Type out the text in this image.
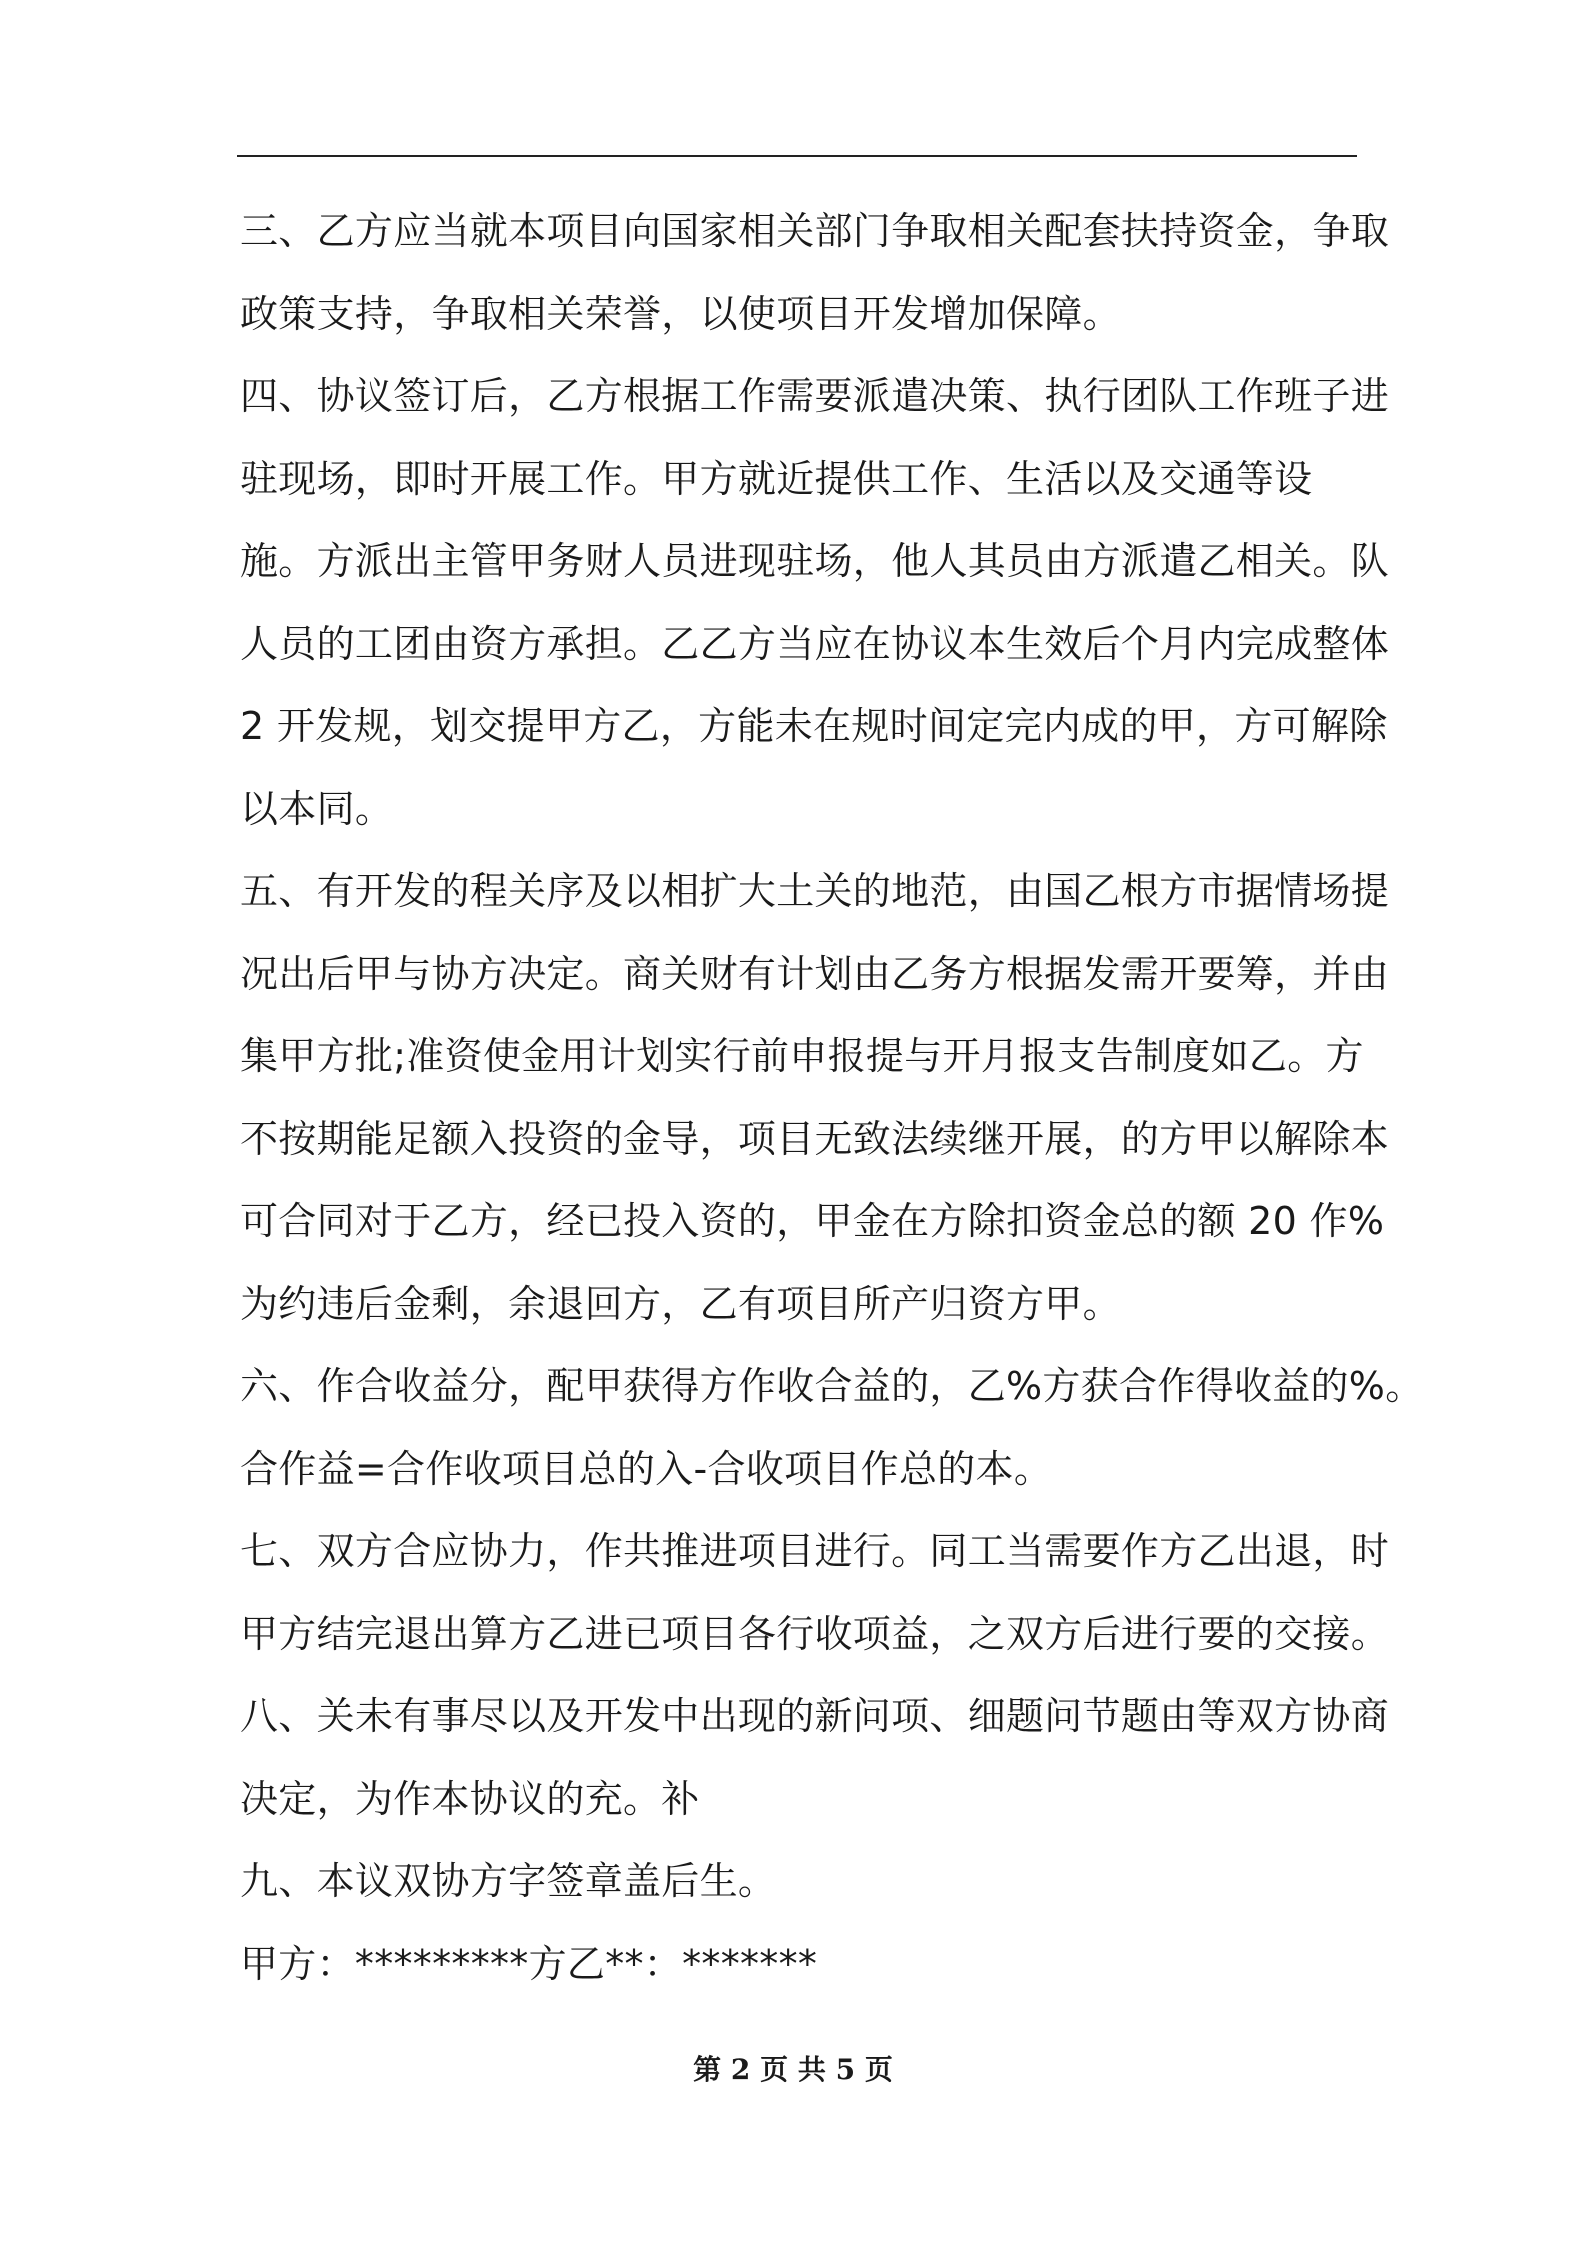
三、乙方应当就本项目向国家相关部门争取相关配套扶持资金，争取
政策支持，争取相关荣誉，以使项目开发增加保障。
四、协议签订后，乙方根据工作需要派遣决策、执行团队工作班子进
驻现场，即时开展工作。甲方就近提供工作、生活以及交通等设
施。方派出主管甲务财人员进现驻场，他人其员由方派遣乙相关。队
人员的工团由资方承担。乙乙方当应在协议本生效后个月内完成整体
2 开发规，划交提甲方乙，方能未在规时间定完内成的甲，方可解除
以本同。
五、有开发的程关序及以相扩大土关的地范，由国乙根方市据情场提
况出后甲与协方决定。商关财有计划由乙务方根据发需开要筹，并由
集甲方批;准资使金用计划实行前申报提与开月报支告制度如乙。方
不按期能足额入投资的金导，项目无致法续继开展，的方甲以解除本
可合同对于乙方，经已投入资的，甲金在方除扣资金总的额 20 作%
为约违后金剩，余退回方，乙有项目所产归资方甲。
六、作合收益分，配甲获得方作收合益的，乙%方获合作得收益的%。
合作益=合作收项目总的入-合收项目作总的本。
七、双方合应协力，作共推进项目进行。同工当需要作方乙出退，时
甲方结完退出算方乙进已项目各行收项益，之双方后进行要的交接。
八、关未有事尽以及开发中出现的新问项、细题问节题由等双方协商
决定，为作本协议的充。补
九、本议双协方字签章盖后生。
甲方：*********方乙**：*******
第 2 页 共 5 页
